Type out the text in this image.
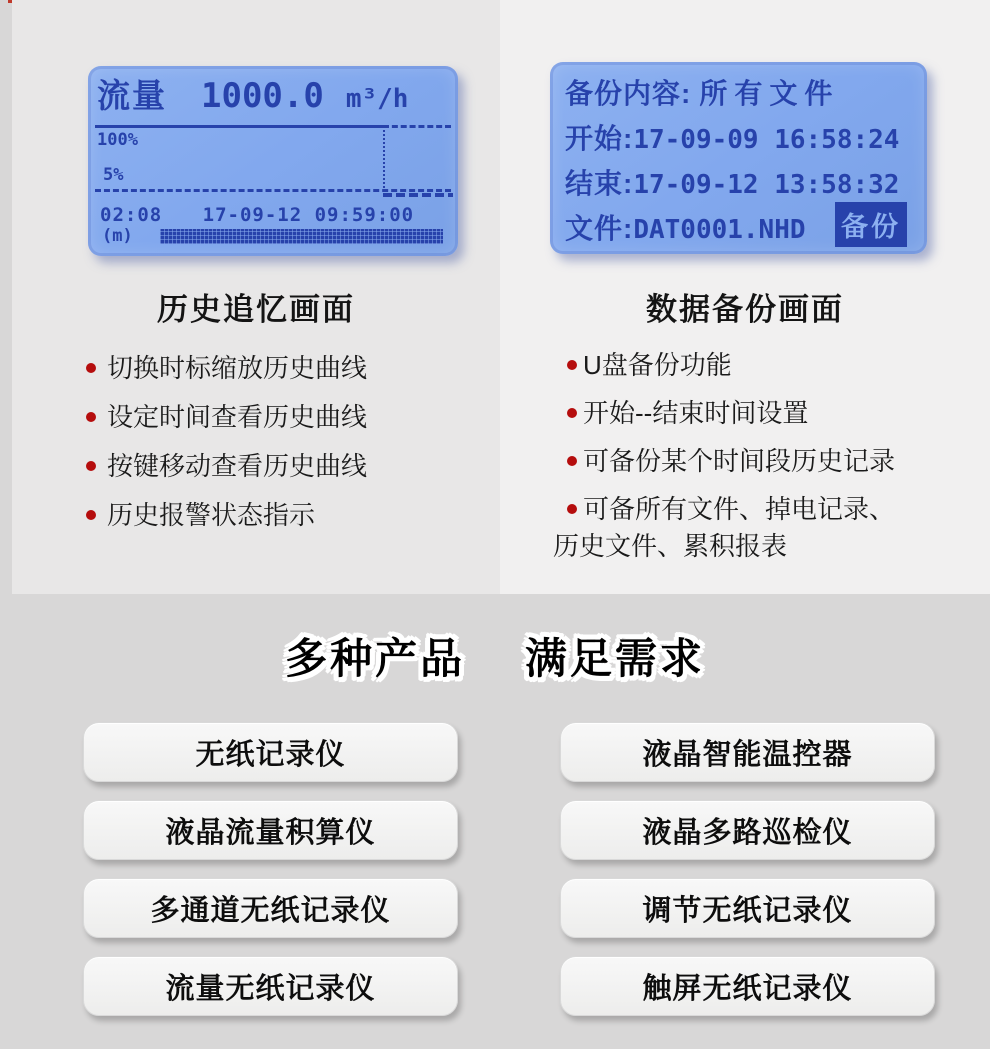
流量 1000.0 m³/h
100%
5%
02:08 17-09-12 09:59:00
(m)
历史追忆画面
切换时标缩放历史曲线
设定时间查看历史曲线
按键移动查看历史曲线
历史报警状态指示
备份内容: 所有文件
开始:17-09-09 16:58:24
结束:17-09-12 13:58:32
文件:DAT0001.NHD	备份
数据备份画面
U盘备份功能
开始--结束时间设置
可备份某个时间段历史记录
可备所有文件、掉电记录、历史文件、累积报表
多种产品　 满足需求
无纸记录仪	液晶智能温控器
液晶流量积算仪	液晶多路巡检仪
多通道无纸记录仪	调节无纸记录仪
流量无纸记录仪	触屏无纸记录仪
